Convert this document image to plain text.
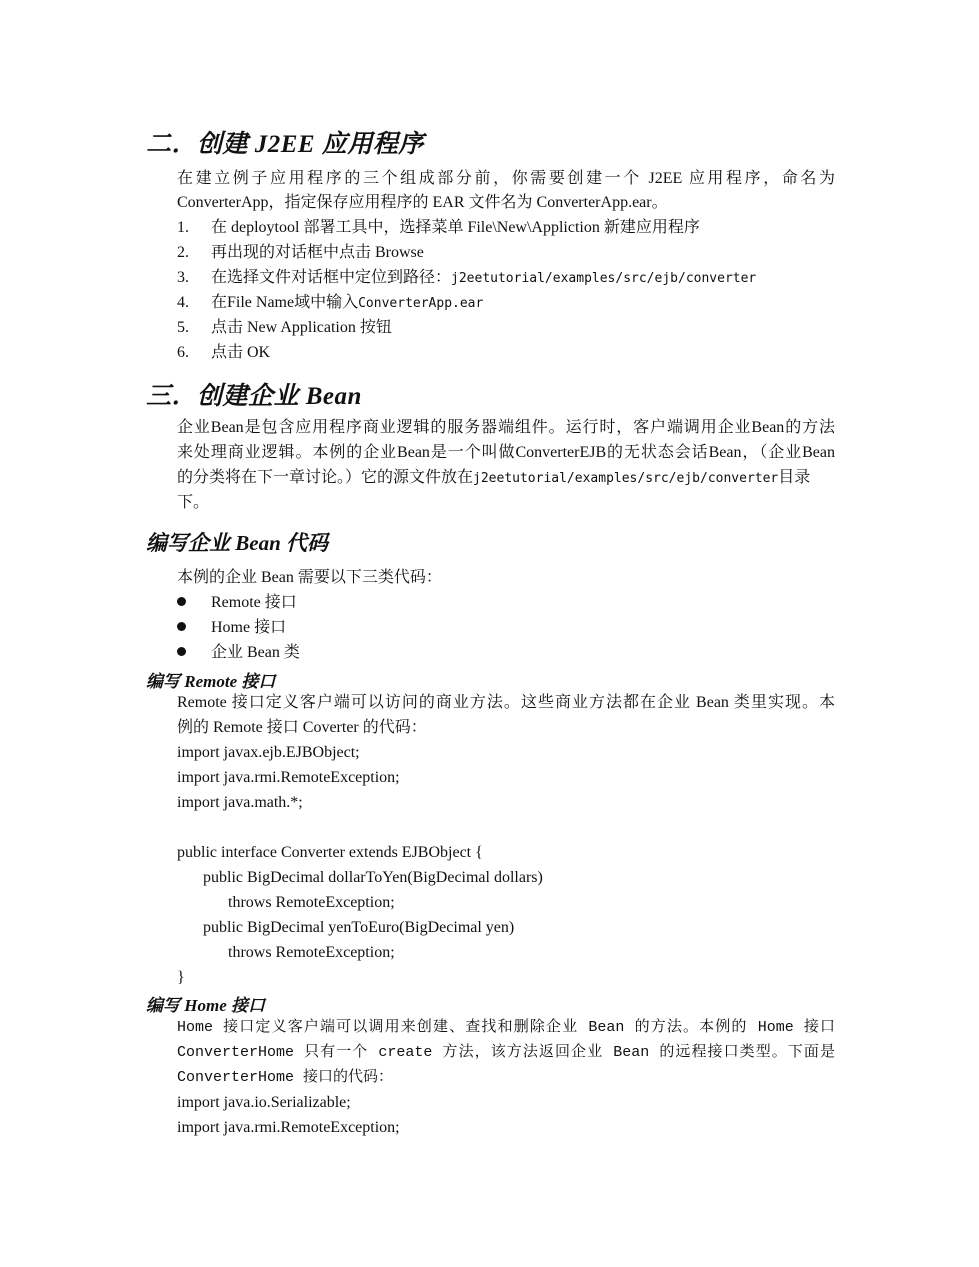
二．创建 J2EE 应用程序
在建立例子应用程序的三个组成部分前，你需要创建一个 J2EE 应用程序，命名为
ConverterApp，指定保存应用程序的 EAR 文件名为 ConverterApp.ear。
1. 在 deploytool 部署工具中，选择菜单 File\New\Appliction 新建应用程序
2. 再出现的对话框中点击 Browse
3. 在选择文件对话框中定位到路径：j2eetutorial/examples/src/ejb/converter
4. 在File Name域中输入ConverterApp.ear
5. 点击 New Application 按钮
6. 点击 OK
三．创建企业 Bean
企业Bean是包含应用程序商业逻辑的服务器端组件。运行时，客户端调用企业Bean的方法
来处理商业逻辑。本例的企业Bean是一个叫做ConverterEJB的无状态会话Bean，（企业Bean
的分类将在下一章讨论。）它的源文件放在j2eetutorial/examples/src/ejb/converter目录
下。
编写企业 Bean 代码
本例的企业 Bean 需要以下三类代码：
Remote 接口
Home 接口
企业 Bean 类
编写 Remote 接口
Remote 接口定义客户端可以访问的商业方法。这些商业方法都在企业 Bean 类里实现。本
例的 Remote 接口 Coverter 的代码：
import javax.ejb.EJBObject;
import java.rmi.RemoteException;
import java.math.*;
public interface Converter extends EJBObject {
public BigDecimal dollarToYen(BigDecimal dollars)
throws RemoteException;
public BigDecimal yenToEuro(BigDecimal yen)
throws RemoteException;
}
编写 Home 接口
Home 接口定义客户端可以调用来创建、查找和删除企业 Bean 的方法。本例的 Home 接口
ConverterHome 只有一个 create 方法，该方法返回企业 Bean 的远程接口类型。下面是
ConverterHome 接口的代码：
import java.io.Serializable;
import java.rmi.RemoteException;
